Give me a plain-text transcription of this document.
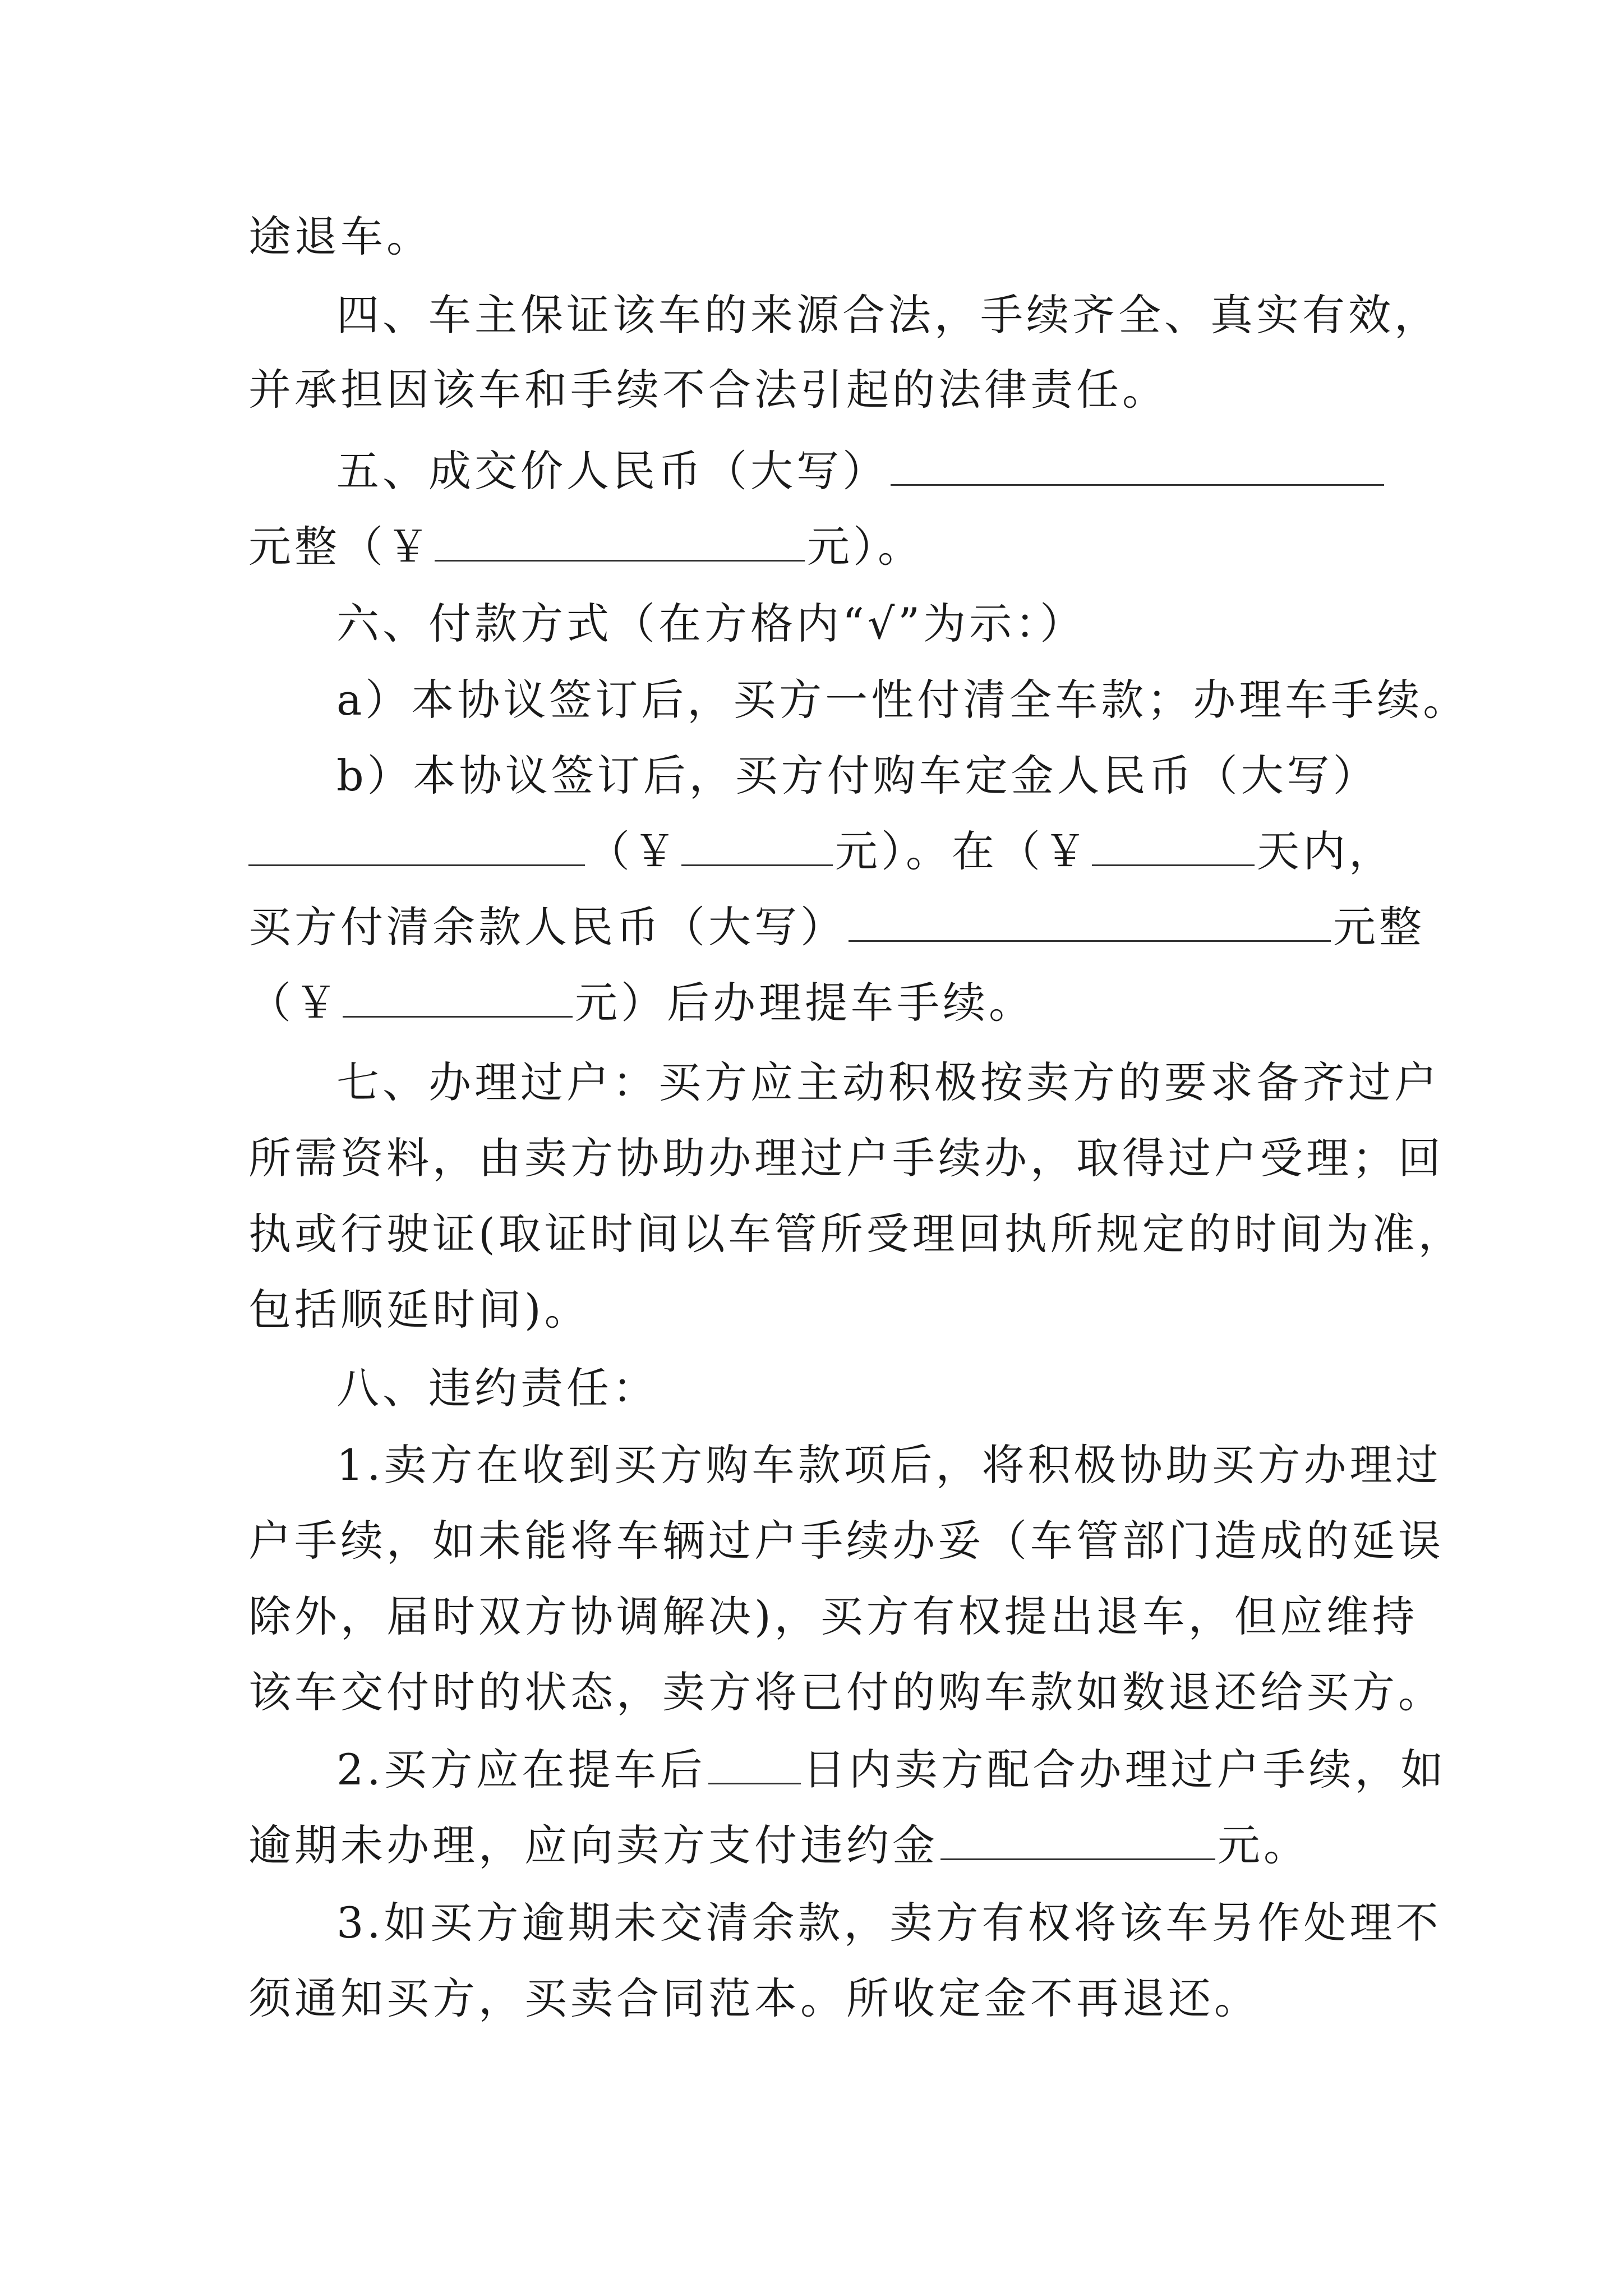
途退车。
四、车主保证该车的来源合法，手续齐全、真实有效，
并承担因该车和手续不合法引起的法律责任。
五、成交价人民币（大写）
元整（￥	元）。
六、付款方式（在方格内“√”为示：）
a）本协议签订后，买方一性付清全车款；办理车手续。
b）本协议签订后，买方付购车定金人民币（大写）
（￥	元）。在（￥	天内，
买方付清余款人民币（大写）	元整
（￥	元）后办理提车手续。
七、办理过户：买方应主动积极按卖方的要求备齐过户
所需资料，由卖方协助办理过户手续办，取得过户受理；回
执或行驶证(取证时间以车管所受理回执所规定的时间为准，
包括顺延时间)。
八、违约责任：
1.卖方在收到买方购车款项后，将积极协助买方办理过
户手续，如未能将车辆过户手续办妥（车管部门造成的延误
除外，届时双方协调解决)，买方有权提出退车，但应维持
该车交付时的状态，卖方将已付的购车款如数退还给买方。
2.买方应在提车后 日内卖方配合办理过户手续，如
逾期未办理，应向卖方支付违约金	元。
3.如买方逾期未交清余款，卖方有权将该车另作处理不
须通知买方，买卖合同范本。所收定金不再退还。
